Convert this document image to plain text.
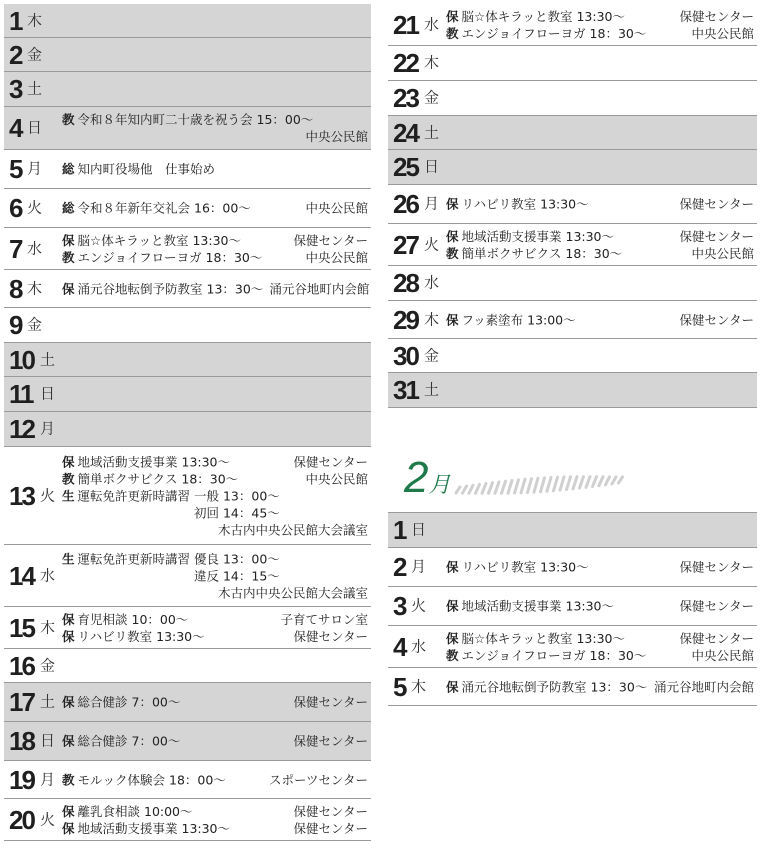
1 木
2 金
3 土
4 日 教 令和８年知内町二十歳を祝う会 15：00～
中央公民館
5 月 総 知内町役場他　仕事始め
6 火 総 令和８年新年交礼会 16：00～	中央公民館
7 水 保 脳☆体キラッと教室 13:30～	保健センター
教 エンジョイフローヨガ 18：30～	中央公民館
8 木 保 涌元谷地転倒予防教室 13：30～ 涌元谷地町内会館
9 金
10 土
11 日
12 月
13 火
保 地域活動支援事業 13:30～	保健センター
教 簡単ボクサビクス 18：30～	中央公民館
生 運転免許更新時講習 一般 13：00～
初回 14：45～
木古内中央公民館大会議室
14 水
生 運転免許更新時講習 優良 13：00～
違反 14：15～
木古内中央公民館大会議室
15 木 保 育児相談 10：00～	子育てサロン室
保 リハビリ教室 13:30～	保健センター
16 金
17 土 保 総合健診 7：00～	保健センター
18 日 保 総合健診 7：00～	保健センター
19 月 教 モルック体験会 18：00～	スポーツセンター
20 火 保 離乳食相談 10:00～	保健センター
保 地域活動支援事業 13:30～	保健センター
21 水 保 脳☆体キラッと教室 13:30～	保健センター
教 エンジョイフローヨガ 18：30～	中央公民館
22 木
23 金
24 土
25 日
26 月 保 リハビリ教室 13:30～	保健センター
27 火 保 地域活動支援事業 13:30～	保健センター
教 簡単ボクサビクス 18：30～	中央公民館
28 水
29 木 保 フッ素塗布 13:00～	保健センター
30 金
31 土
2月
1 日
2 月 保 リハビリ教室 13:30～	保健センター
3 火 保 地域活動支援事業 13:30～	保健センター
4 水 保 脳☆体キラッと教室 13:30～	保健センター
教 エンジョイフローヨガ 18：30～	中央公民館
5 木 保 涌元谷地転倒予防教室 13：30～ 涌元谷地町内会館
